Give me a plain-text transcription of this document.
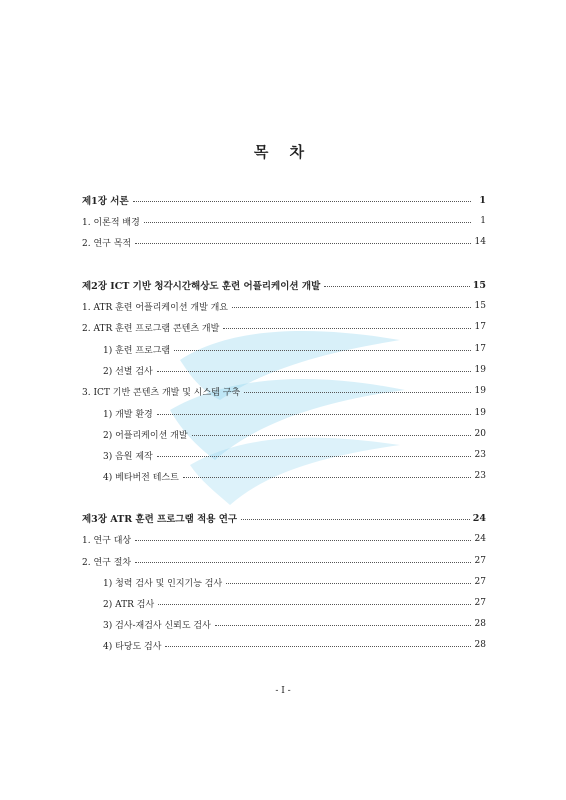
목 차
제1장 서론	1
1. 이론적 배경	1
2. 연구 목적	14
제2장 ICT 기반 청각시간해상도 훈련 어플리케이션 개발	15
1. ATR 훈련 어플리케이션 개발 개요	15
2. ATR 훈련 프로그램 콘텐츠 개발	17
1) 훈련 프로그램	17
2) 선별 검사	19
3. ICT 기반 콘텐츠 개발 및 시스템 구축	19
1) 개발 환경	19
2) 어플리케이션 개발	20
3) 음원 제작	23
4) 베타버전 테스트	23
제3장 ATR 훈련 프로그램 적용 연구	24
1. 연구 대상	24
2. 연구 절차	27
1) 청력 검사 및 인지기능 검사	27
2) ATR 검사	27
3) 검사-재검사 신뢰도 검사	28
4) 타당도 검사	28
- I -
